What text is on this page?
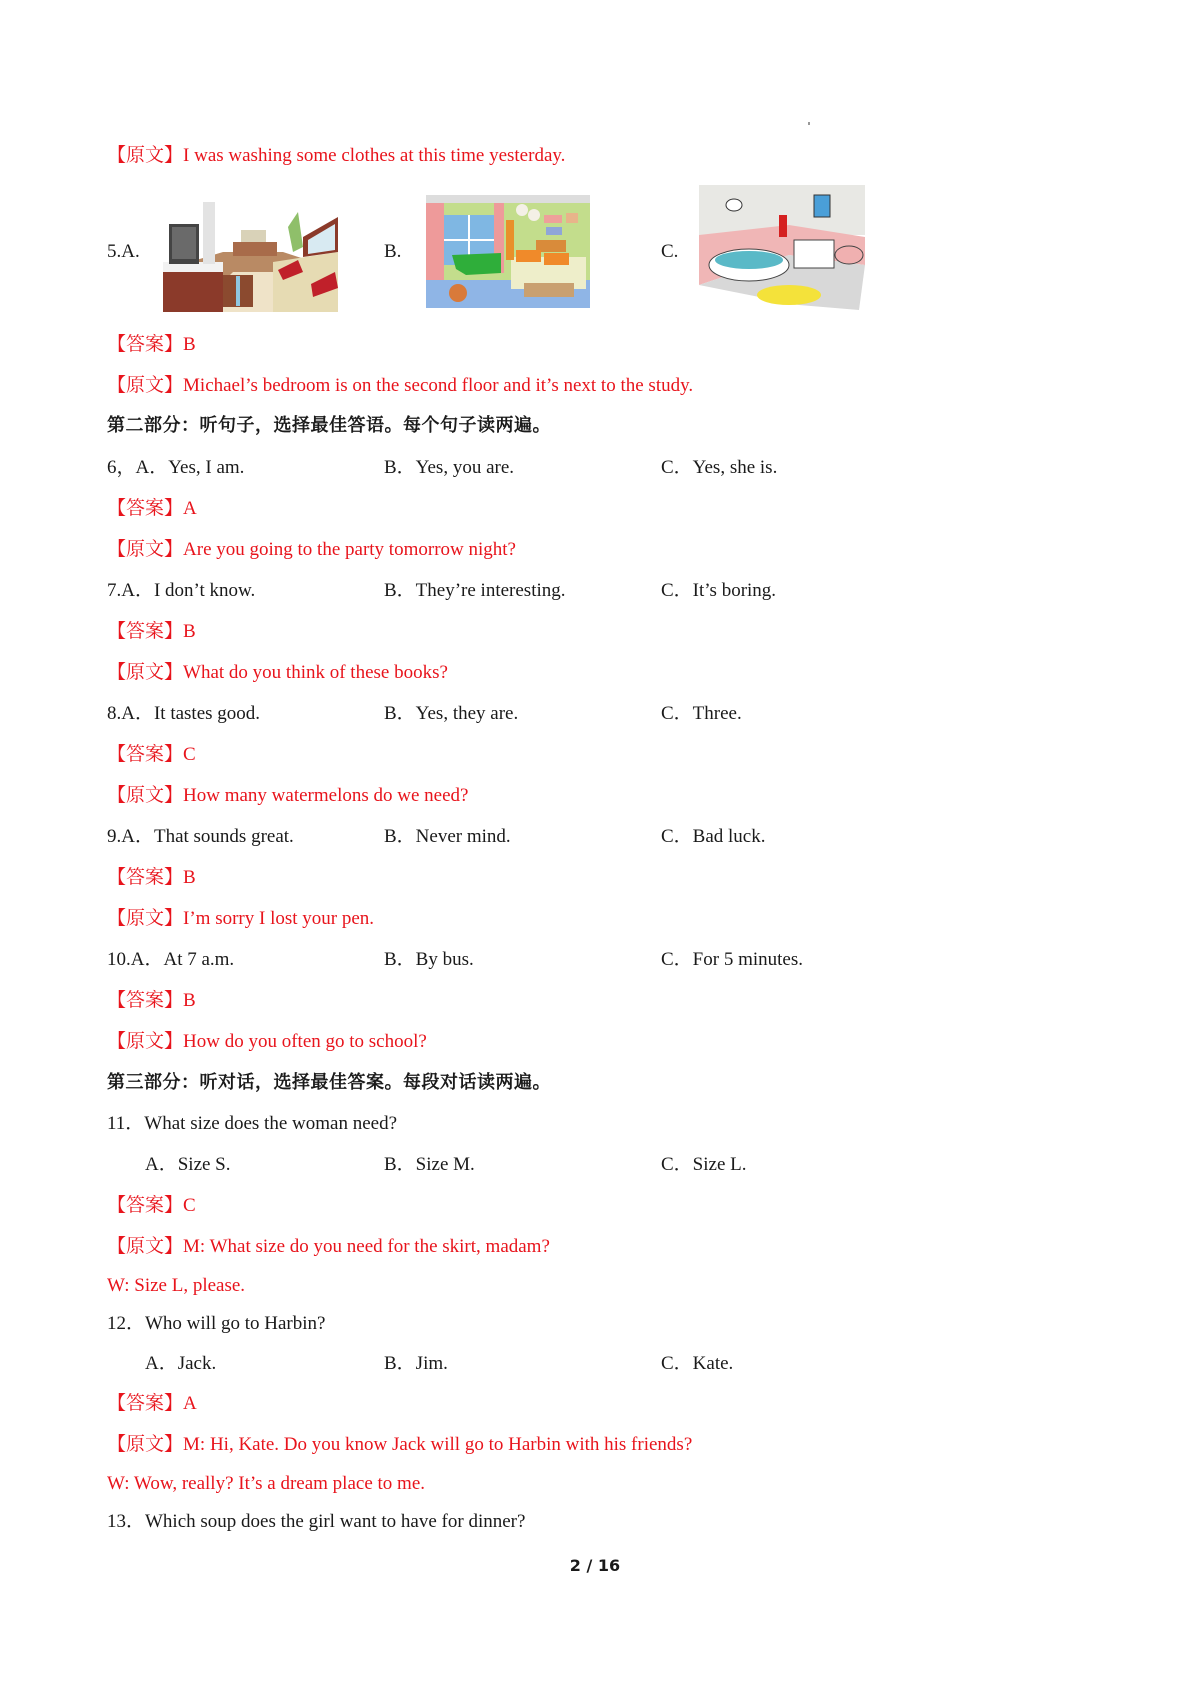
【原文】I was washing some clothes at this time yesterday.
5.A.	B.	C.
【答案】B
【原文】Michael’s bedroom is on the second floor and it’s next to the study.
第二部分：听句子，选择最佳答语。每个句子读两遍。
6，A．Yes, I am.	B．Yes, you are.	C．Yes, she is.
【答案】A
【原文】Are you going to the party tomorrow night?
7.A．I don’t know.	B．They’re interesting.	C．It’s boring.
【答案】B
【原文】What do you think of these books?
8.A．It tastes good.	B．Yes, they are.	C．Three.
【答案】C
【原文】How many watermelons do we need?
9.A．That sounds great.	B．Never mind.	C．Bad luck.
【答案】B
【原文】I’m sorry I lost your pen.
10.A．At 7 a.m.	B．By bus.	C．For 5 minutes.
【答案】B
【原文】How do you often go to school?
第三部分：听对话，选择最佳答案。每段对话读两遍。
11．What size does the woman need?
A．Size S.	B．Size M.	C．Size L.
【答案】C
【原文】M: What size do you need for the skirt, madam?
W: Size L, please.
12．Who will go to Harbin?
A．Jack.	B．Jim.	C．Kate.
【答案】A
【原文】M: Hi, Kate. Do you know Jack will go to Harbin with his friends?
W: Wow, really? It’s a dream place to me.
13．Which soup does the girl want to have for dinner?
2 / 16
